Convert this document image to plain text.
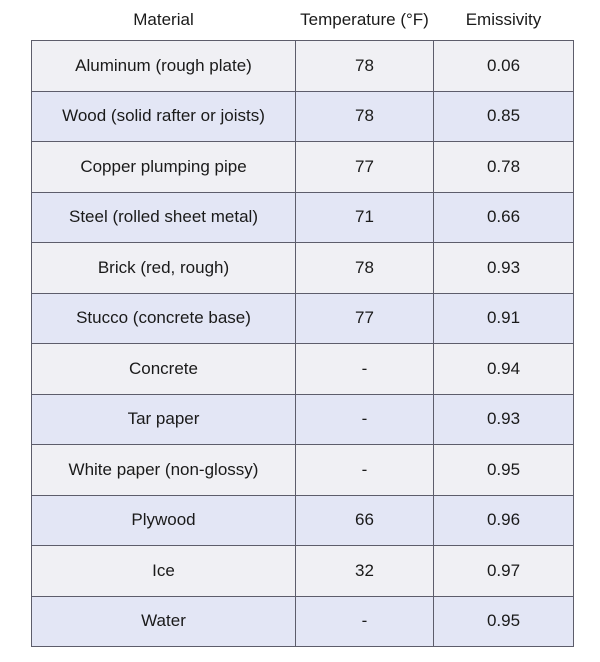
Material	Temperature (°F)	Emissivity
Aluminum (rough plate)	78	0.06
Wood (solid rafter or joists)	78	0.85
Copper plumping pipe	77	0.78
Steel (rolled sheet metal)	71	0.66
Brick (red, rough)	78	0.93
Stucco (concrete base)	77	0.91
Concrete	-	0.94
Tar paper	-	0.93
White paper (non-glossy)	-	0.95
Plywood	66	0.96
Ice	32	0.97
Water	-	0.95
